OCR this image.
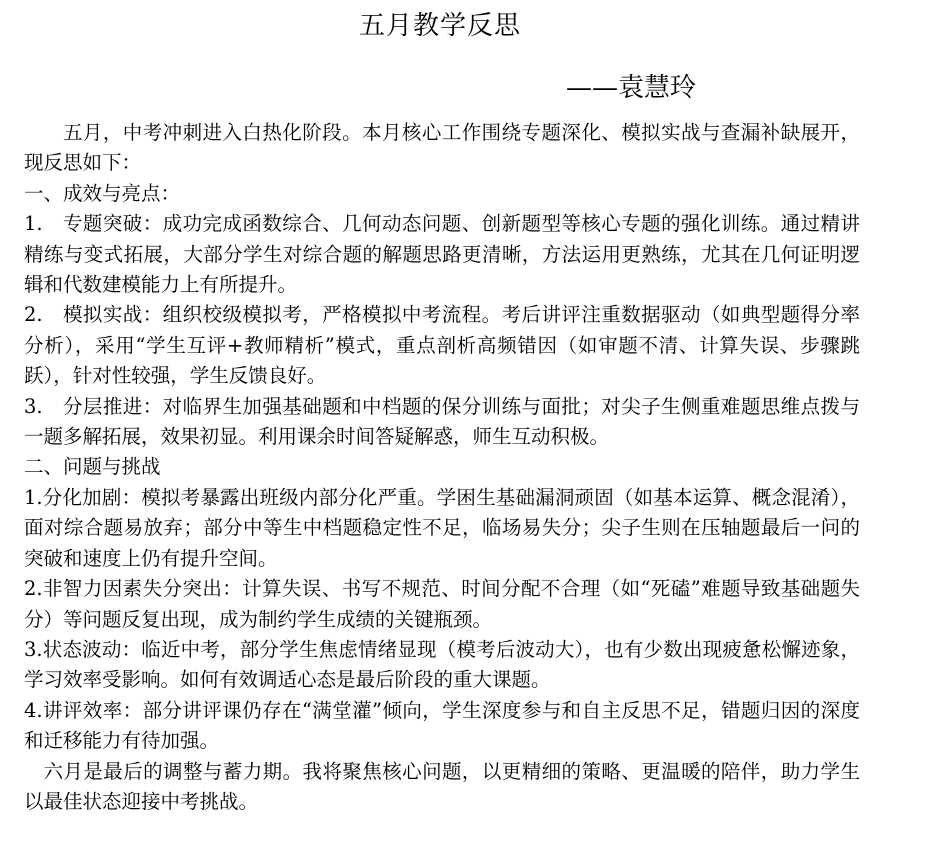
五月教学反思
——袁慧玲

五月，中考冲刺进入白热化阶段。本月核心工作围绕专题深化、模拟实战与查漏补缺展开，现反思如下：

一、成效与亮点：

1.　专题突破：成功完成函数综合、几何动态问题、创新题型等核心专题的强化训练。通过精讲精练与变式拓展，大部分学生对综合题的解题思路更清晰，方法运用更熟练，尤其在几何证明逻辑和代数建模能力上有所提升。

2.　模拟实战：组织校级模拟考，严格模拟中考流程。考后讲评注重数据驱动（如典型题得分率分析），采用“学生互评+教师精析”模式，重点剖析高频错因（如审题不清、计算失误、步骤跳跃），针对性较强，学生反馈良好。

3.　分层推进：对临界生加强基础题和中档题的保分训练与面批；对尖子生侧重难题思维点拨与一题多解拓展，效果初显。利用课余时间答疑解惑，师生互动积极。

二、问题与挑战

1.分化加剧：模拟考暴露出班级内部分化严重。学困生基础漏洞顽固（如基本运算、概念混淆），面对综合题易放弃；部分中等生中档题稳定性不足，临场易失分；尖子生则在压轴题最后一问的突破和速度上仍有提升空间。

2.非智力因素失分突出：计算失误、书写不规范、时间分配不合理（如“死磕”难题导致基础题失分）等问题反复出现，成为制约学生成绩的关键瓶颈。

3.状态波动：临近中考，部分学生焦虑情绪显现（模考后波动大），也有少数出现疲惫松懈迹象，学习效率受影响。如何有效调适心态是最后阶段的重大课题。

4.讲评效率：部分讲评课仍存在“满堂灌”倾向，学生深度参与和自主反思不足，错题归因的深度和迁移能力有待加强。

六月是最后的调整与蓄力期。我将聚焦核心问题，以更精细的策略、更温暖的陪伴，助力学生以最佳状态迎接中考挑战。
